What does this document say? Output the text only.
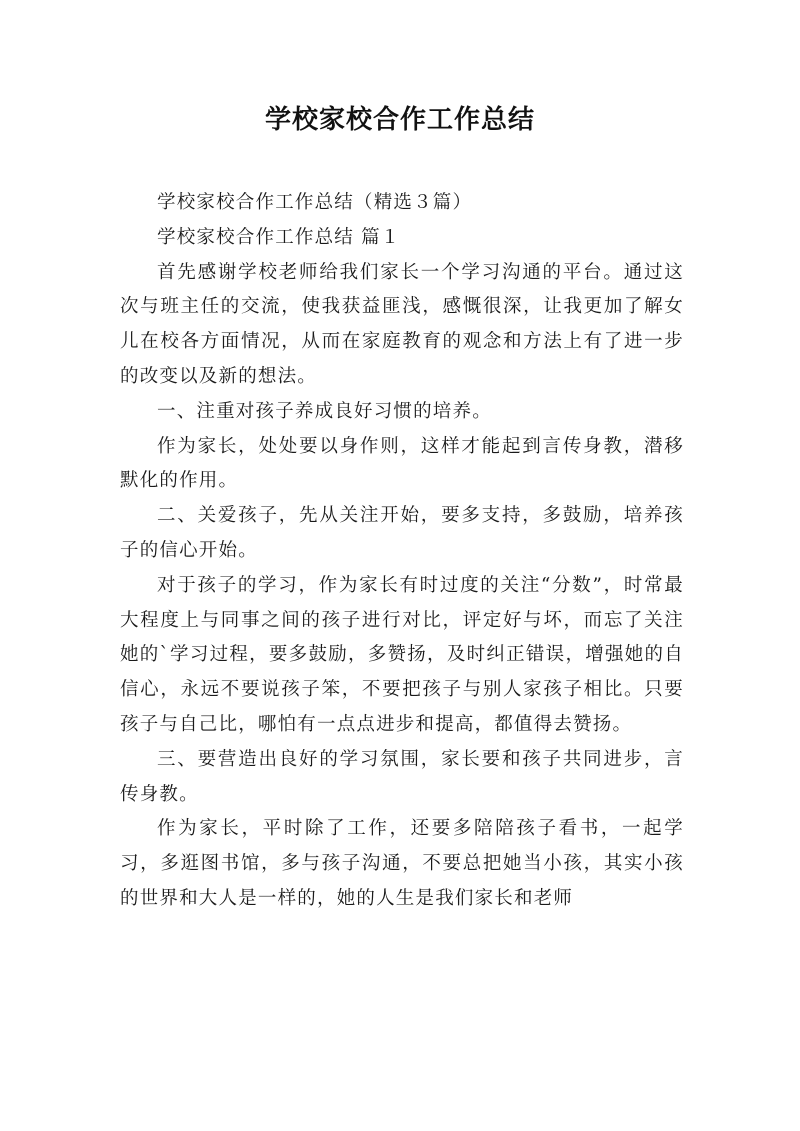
学校家校合作工作总结

学校家校合作工作总结（精选３篇）

学校家校合作工作总结 篇１

首先感谢学校老师给我们家长一个学习沟通的平台。通过这次与班主任的交流，使我获益匪浅，感慨很深，让我更加了解女儿在校各方面情况，从而在家庭教育的观念和方法上有了进一步的改变以及新的想法。

一、注重对孩子养成良好习惯的培养。

作为家长，处处要以身作则，这样才能起到言传身教，潜移默化的作用。

二、关爱孩子，先从关注开始，要多支持，多鼓励，培养孩子的信心开始。

对于孩子的学习，作为家长有时过度的关注“分数”，时常最大程度上与同事之间的孩子进行对比，评定好与坏，而忘了关注她的`学习过程，要多鼓励，多赞扬，及时纠正错误，增强她的自信心，永远不要说孩子笨，不要把孩子与别人家孩子相比。只要孩子与自己比，哪怕有一点点进步和提高，都值得去赞扬。

三、要营造出良好的学习氛围，家长要和孩子共同进步，言传身教。

作为家长，平时除了工作，还要多陪陪孩子看书，一起学习，多逛图书馆，多与孩子沟通，不要总把她当小孩，其实小孩的世界和大人是一样的，她的人生是我们家长和老师
